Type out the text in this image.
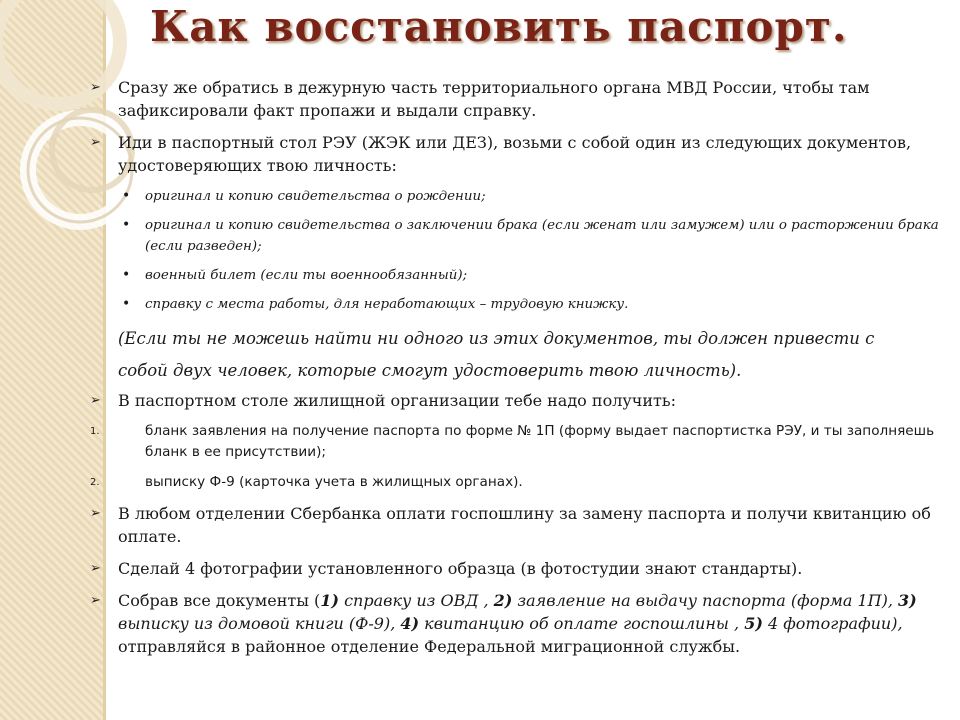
Как восстановить паспорт.
➢ Сразу же обратись в дежурную часть территориального органа МВД России, чтобы там зафиксировали факт пропажи и выдали справку.
➢ Иди в паспортный стол РЭУ (ЖЭК или ДЕЗ), возьми с собой один из следующих документов, удостоверяющих твою личность:
• оригинал и копию свидетельства о рождении;
• оригинал и копию свидетельства о заключении брака (если женат или замужем) или о расторжении брака (если разведен);
• военный билет (если ты военнообязанный);
• справку с места работы, для неработающих – трудовую книжку.
(Если ты не можешь найти ни одного из этих документов, ты должен привести с
собой двух человек, которые смогут удостоверить твою личность).
➢ В паспортном столе жилищной организации тебе надо получить:
1.	бланк заявления на получение паспорта по форме № 1П (форму выдает паспортистка РЭУ, и ты заполняешь бланк в ее присутствии);
2.	выписку Ф-9 (карточка учета в жилищных органах).
➢ В любом отделении Сбербанка оплати госпошлину за замену паспорта и получи квитанцию об оплате.
➢ Сделай 4 фотографии установленного образца (в фотостудии знают стандарты).
➢ Собрав все документы (1) справку из ОВД , 2) заявление на выдачу паспорта (форма 1П), 3) выписку из домовой книги (Ф-9), 4) квитанцию об оплате госпошлины , 5) 4 фотографии), отправляйся в районное отделение Федеральной миграционной службы.
